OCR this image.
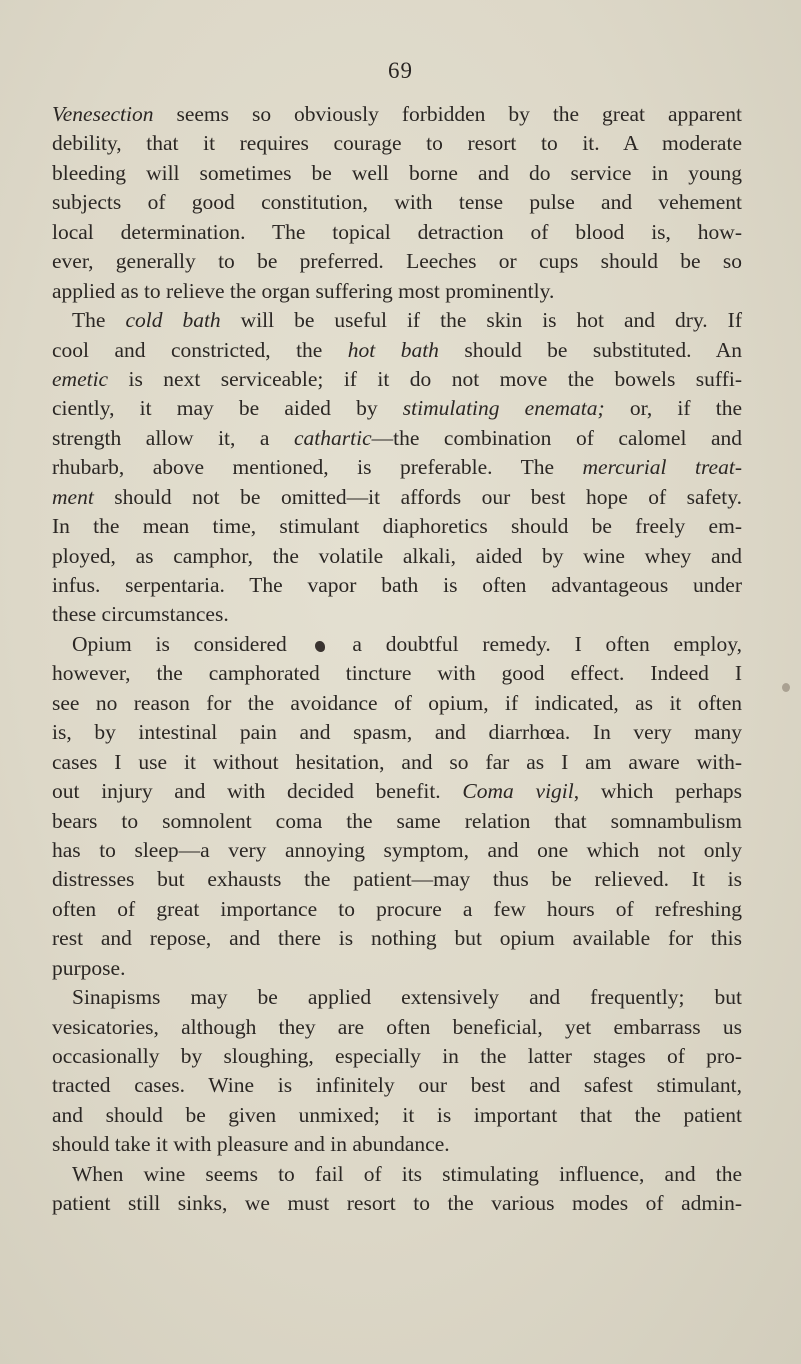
69
Venesection seems so obviously forbidden by the great apparent
debility, that it requires courage to resort to it. A moderate
bleeding will sometimes be well borne and do service in young
subjects of good constitution, with tense pulse and vehement
local determination. The topical detraction of blood is, how-
ever, generally to be preferred. Leeches or cups should be so
applied as to relieve the organ suffering most prominently.
The cold bath will be useful if the skin is hot and dry. If
cool and constricted, the hot bath should be substituted. An
emetic is next serviceable; if it do not move the bowels suffi-
ciently, it may be aided by stimulating enemata; or, if the
strength allow it, a cathartic—the combination of calomel and
rhubarb, above mentioned, is preferable. The mercurial treat-
ment should not be omitted—it affords our best hope of safety.
In the mean time, stimulant diaphoretics should be freely em-
ployed, as camphor, the volatile alkali, aided by wine whey and
infus. serpentaria. The vapor bath is often advantageous under
these circumstances.
Opium is considered  a doubtful remedy. I often employ,
however, the camphorated tincture with good effect. Indeed I
see no reason for the avoidance of opium, if indicated, as it often
is, by intestinal pain and spasm, and diarrhœa. In very many
cases I use it without hesitation, and so far as I am aware with-
out injury and with decided benefit. Coma vigil, which perhaps
bears to somnolent coma the same relation that somnambulism
has to sleep—a very annoying symptom, and one which not only
distresses but exhausts the patient—may thus be relieved. It is
often of great importance to procure a few hours of refreshing
rest and repose, and there is nothing but opium available for this
purpose.
Sinapisms may be applied extensively and frequently; but
vesicatories, although they are often beneficial, yet embarrass us
occasionally by sloughing, especially in the latter stages of pro-
tracted cases. Wine is infinitely our best and safest stimulant,
and should be given unmixed; it is important that the patient
should take it with pleasure and in abundance.
When wine seems to fail of its stimulating influence, and the
patient still sinks, we must resort to the various modes of admin-
